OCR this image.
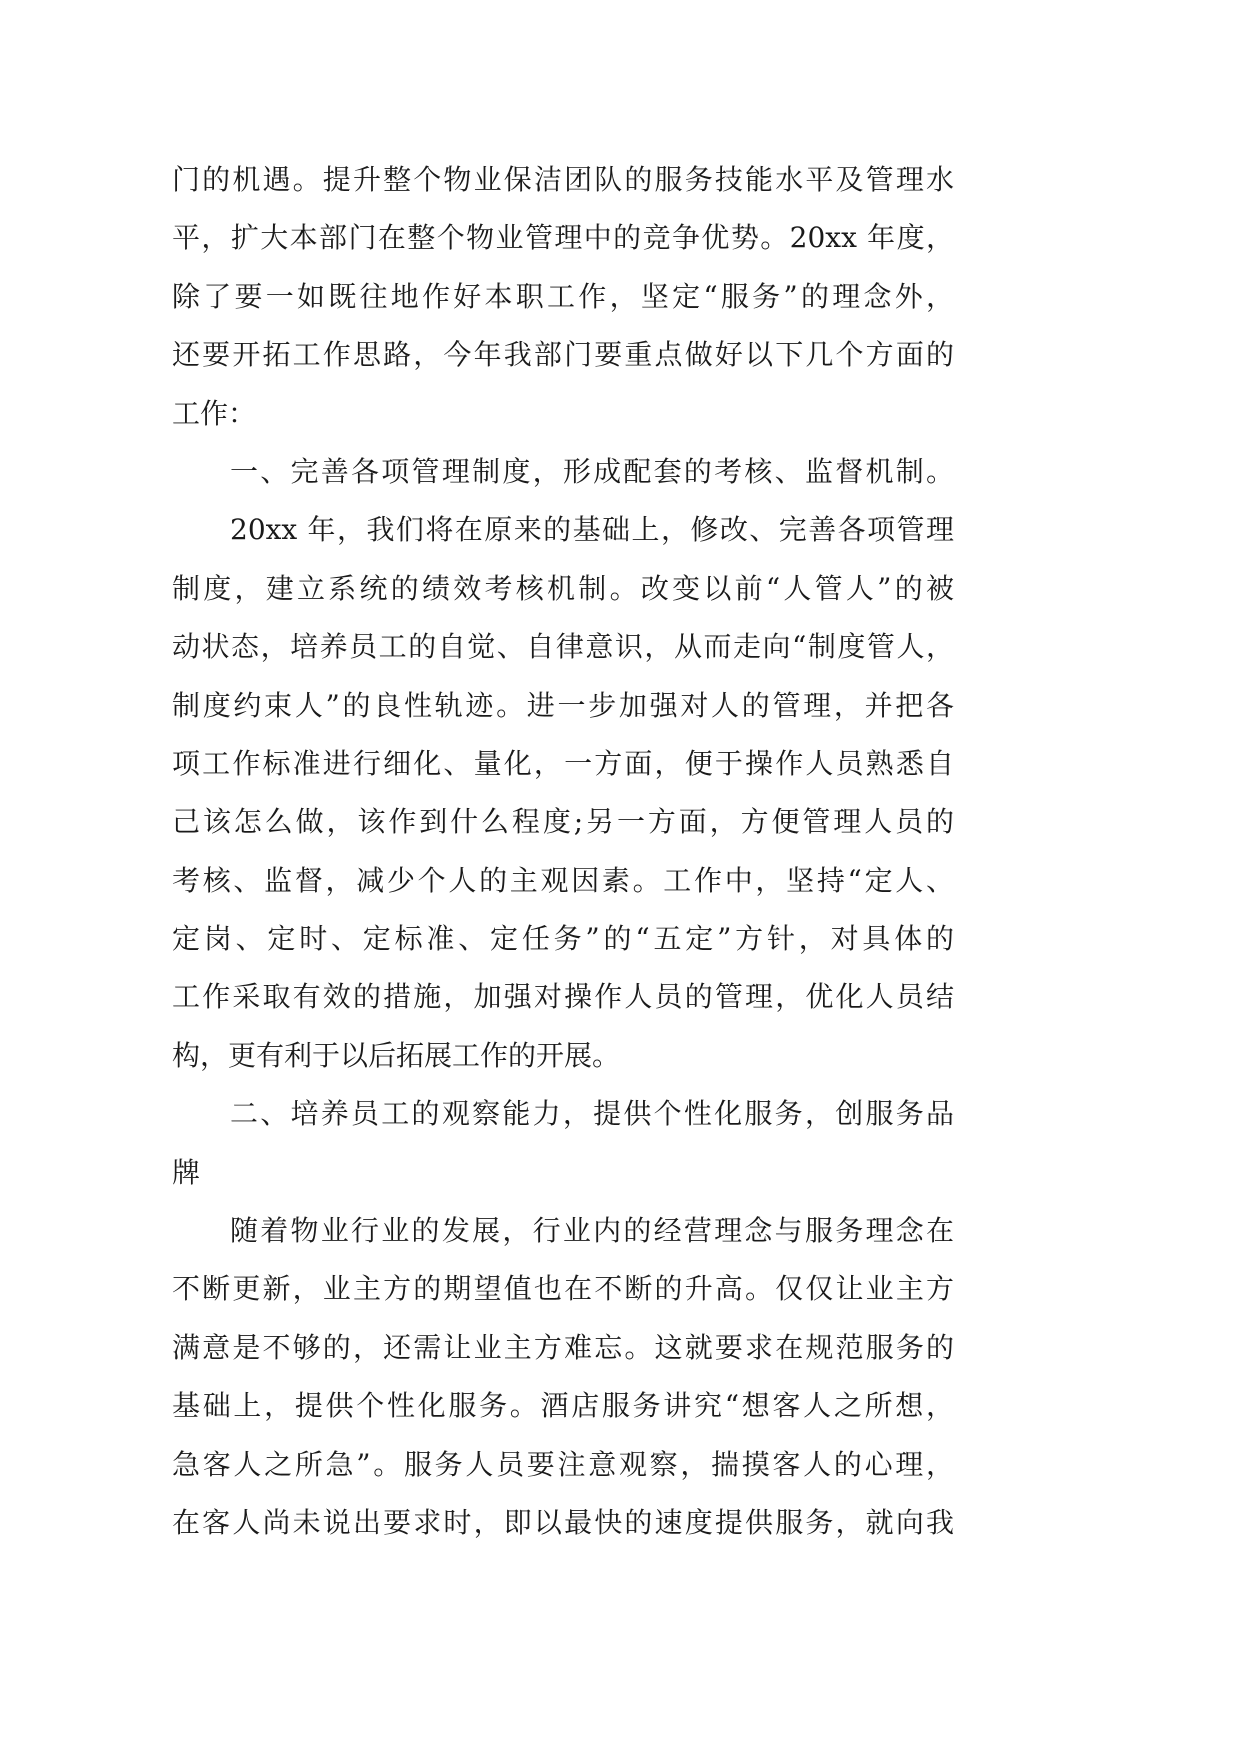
门的机遇。提升整个物业保洁团队的服务技能水平及管理水
平，扩大本部门在整个物业管理中的竞争优势。20xx 年度，
除了要一如既往地作好本职工作，坚定“服务”的理念外，
还要开拓工作思路，今年我部门要重点做好以下几个方面的
工作：
一、完善各项管理制度，形成配套的考核、监督机制。
20xx 年，我们将在原来的基础上，修改、完善各项管理
制度，建立系统的绩效考核机制。改变以前“人管人”的被
动状态，培养员工的自觉、自律意识，从而走向“制度管人，
制度约束人”的良性轨迹。进一步加强对人的管理，并把各
项工作标准进行细化、量化，一方面，便于操作人员熟悉自
己该怎么做，该作到什么程度;另一方面，方便管理人员的
考核、监督，减少个人的主观因素。工作中，坚持“定人、
定岗、定时、定标准、定任务”的“五定”方针，对具体的
工作采取有效的措施，加强对操作人员的管理，优化人员结
构，更有利于以后拓展工作的开展。
二、培养员工的观察能力，提供个性化服务，创服务品
牌
随着物业行业的发展，行业内的经营理念与服务理念在
不断更新，业主方的期望值也在不断的升高。仅仅让业主方
满意是不够的，还需让业主方难忘。这就要求在规范服务的
基础上，提供个性化服务。酒店服务讲究“想客人之所想，
急客人之所急”。服务人员要注意观察，揣摸客人的心理，
在客人尚未说出要求时，即以最快的速度提供服务，就向我
